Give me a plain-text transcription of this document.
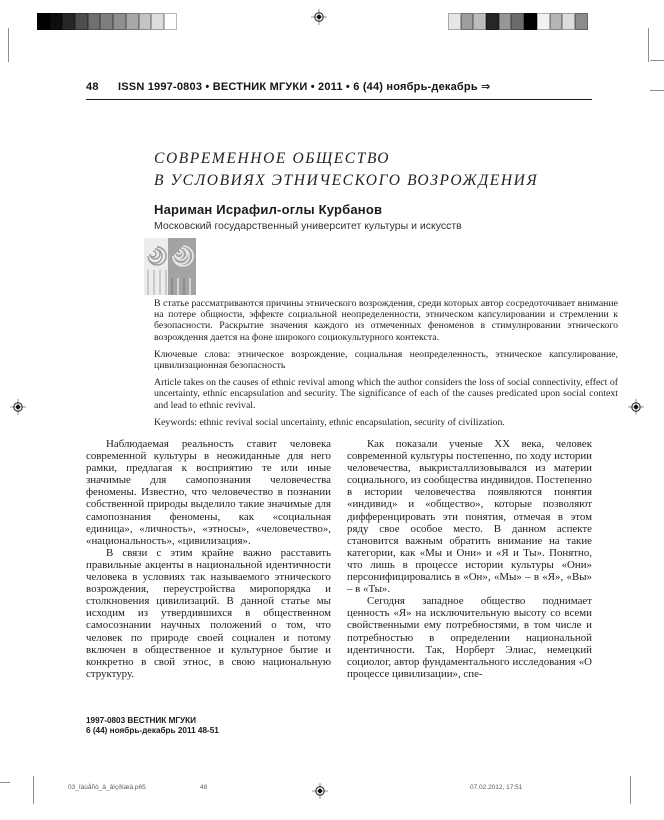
48 ISSN 1997-0803 • ВЕСТНИК МГУКИ • 2011 • 6 (44) ноябрь-декабрь ⇒
СОВРЕМЕННОЕ ОБЩЕСТВО
В УСЛОВИЯХ ЭТНИЧЕСКОГО ВОЗРОЖДЕНИЯ
Нариман Исрафил-оглы Курбанов
Московский государственный университет культуры и искусств

В статье рассматриваются причины этнического возрождения, среди которых автор сосредоточивает внимание на потере общности, эффекте социальной неопределенности, этническом капсулировании и стремлении к безопасности. Раскрытие значения каждого из отмеченных феноменов в стимулировании этнического возрождения дается на фоне широкого социокультурного контекста.

Ключевые слова: этническое возрождение, социальная неопределенность, этническое капсулирование, цивилизационная безопасность

Article takes on the causes of ethnic revival among which the author considers the loss of social connectivity, effect of uncertainty, ethnic encapsulation and security. The significance of each of the causes predicated upon social context and lead to ethnic revival.

Keywords: ethnic revival social uncertainty, ethnic encapsulation, security of civilization.

Наблюдаемая реальность ставит человека современной культуры в неожиданные для него рамки, предлагая к восприятию те или иные значимые для самопознания человечества феномены. Известно, что человечество в познании собственной природы выделило такие значимые для самопознания феномены, как «социальная единица», «личность», «этносы», «человечество», «национальность», «цивилизация».

В связи с этим крайне важно расставить правильные акценты в национальной идентичности человека в условиях так называемого этнического возрождения, переустройства миропорядка и столкновения цивилизаций. В данной статье мы исходим из утвердившихся в общественном самосознании научных положений о том, что человек по природе своей социален и потому включен в общественное и культурное бытие и конкретно в свой этнос, в свою национальную структуру.

Как показали ученые XX века, человек современной культуры постепенно, по ходу истории человечества, выкристаллизовывался из материи социального, из сообщества индивидов. Постепенно в истории человечества появляются понятия «индивид» и «общество», которые позволяют дифференцировать эти понятия, отмечая в этом ряду свое особое место. В данном аспекте становится важным обратить внимание на такие категории, как «Мы и Они» и «Я и Ты». Понятно, что лишь в процессе истории культуры «Они» персонифицировались в «Он», «Мы» – в «Я», «Вы» – в «Ты».

Сегодня западное общество поднимает ценность «Я» на исключительную высоту со всеми свойственными ему потребностями, в том числе и потребностью в определении национальной идентичности. Так, Норберт Элиас, немецкий социолог, автор фундаментального исследования «О процессе цивилизации», спе-

1997-0803 ВЕСТНИК МГУКИ
6 (44) ноябрь-декабрь 2011 48-51
03_îáùåñò_â_âîçðîæä.p65	48	07.02.2012, 17:51
